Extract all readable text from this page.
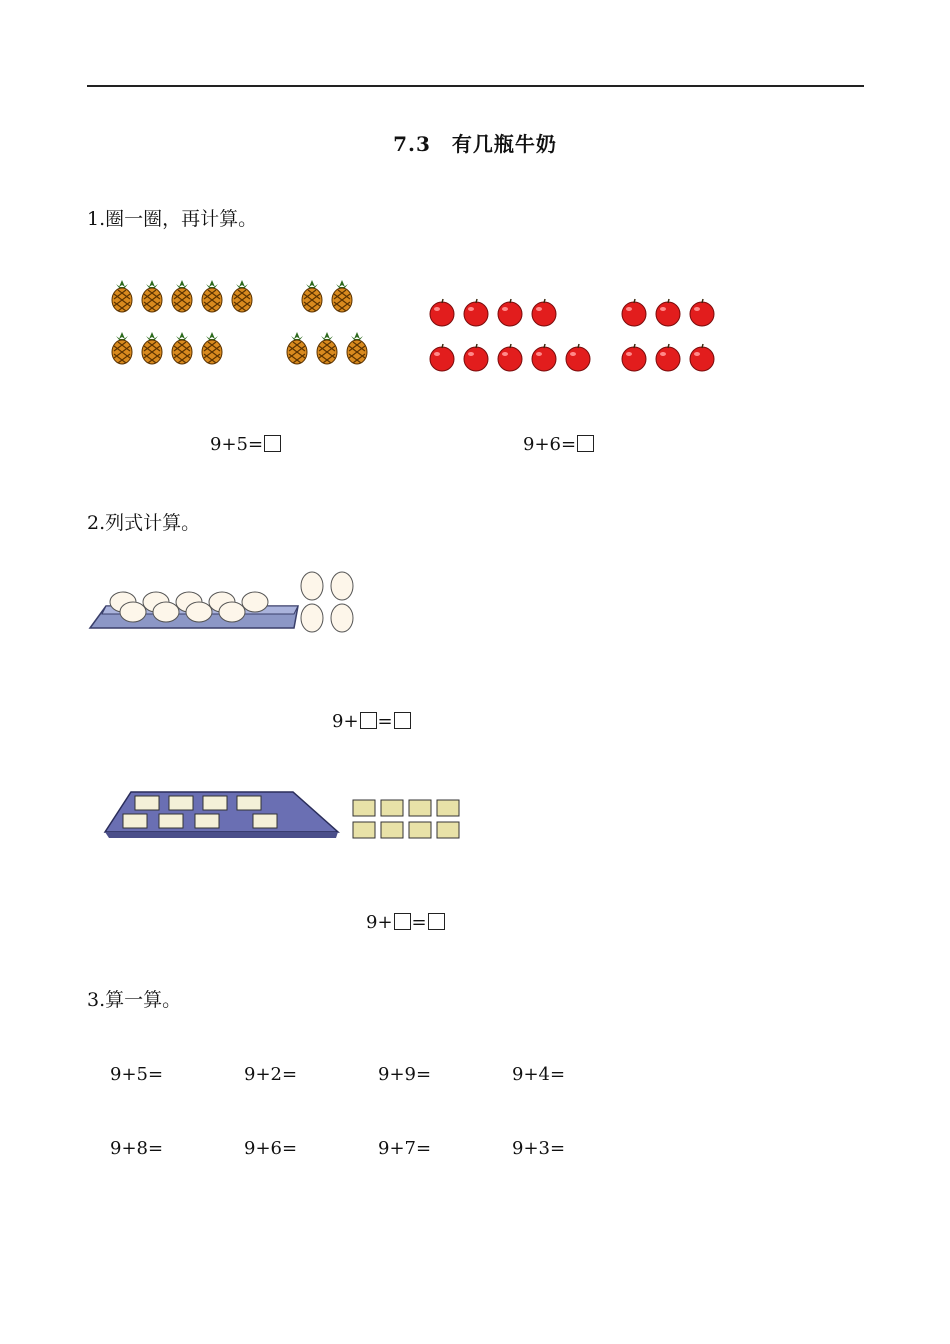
7.3　有几瓶牛奶
1.圈一圈，再计算。
9+5=	9+6=
2.列式计算。
9+ =
9+ =
3.算一算。
9+5=	9+2=	9+9=	9+4=
9+8=	9+6=	9+7=	9+3=
